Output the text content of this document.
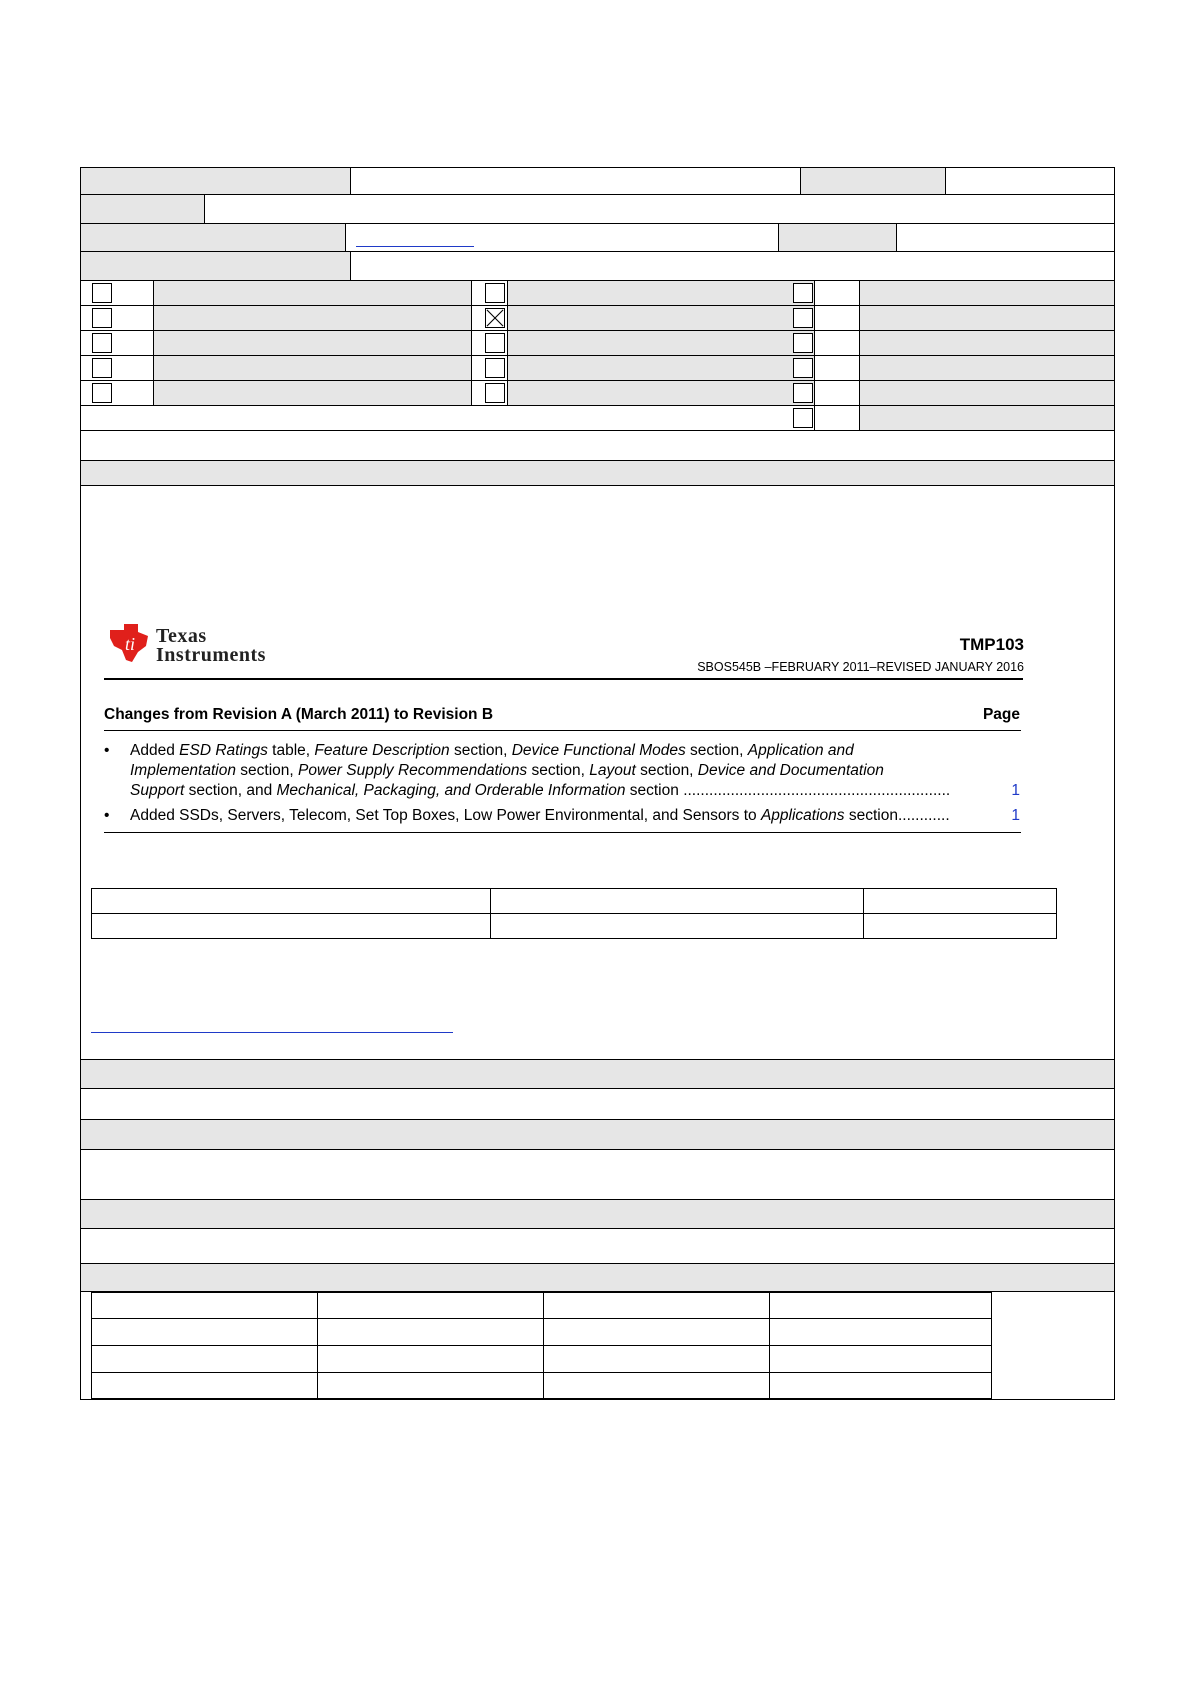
ti Texas
Instruments	TMP103
SBOS545B –FEBRUARY 2011–REVISED JANUARY 2016
Changes from Revision A (March 2011) to Revision B	Page
• Added ESD Ratings table, Feature Description section, Device Functional Modes section, Application and
Implementation section, Power Supply Recommendations section, Layout section, Device and Documentation
Support section, and Mechanical, Packaging, and Orderable Information section ..............................................................	1
• Added SSDs, Servers, Telecom, Set Top Boxes, Low Power Environmental, and Sensors to Applications section............	1
